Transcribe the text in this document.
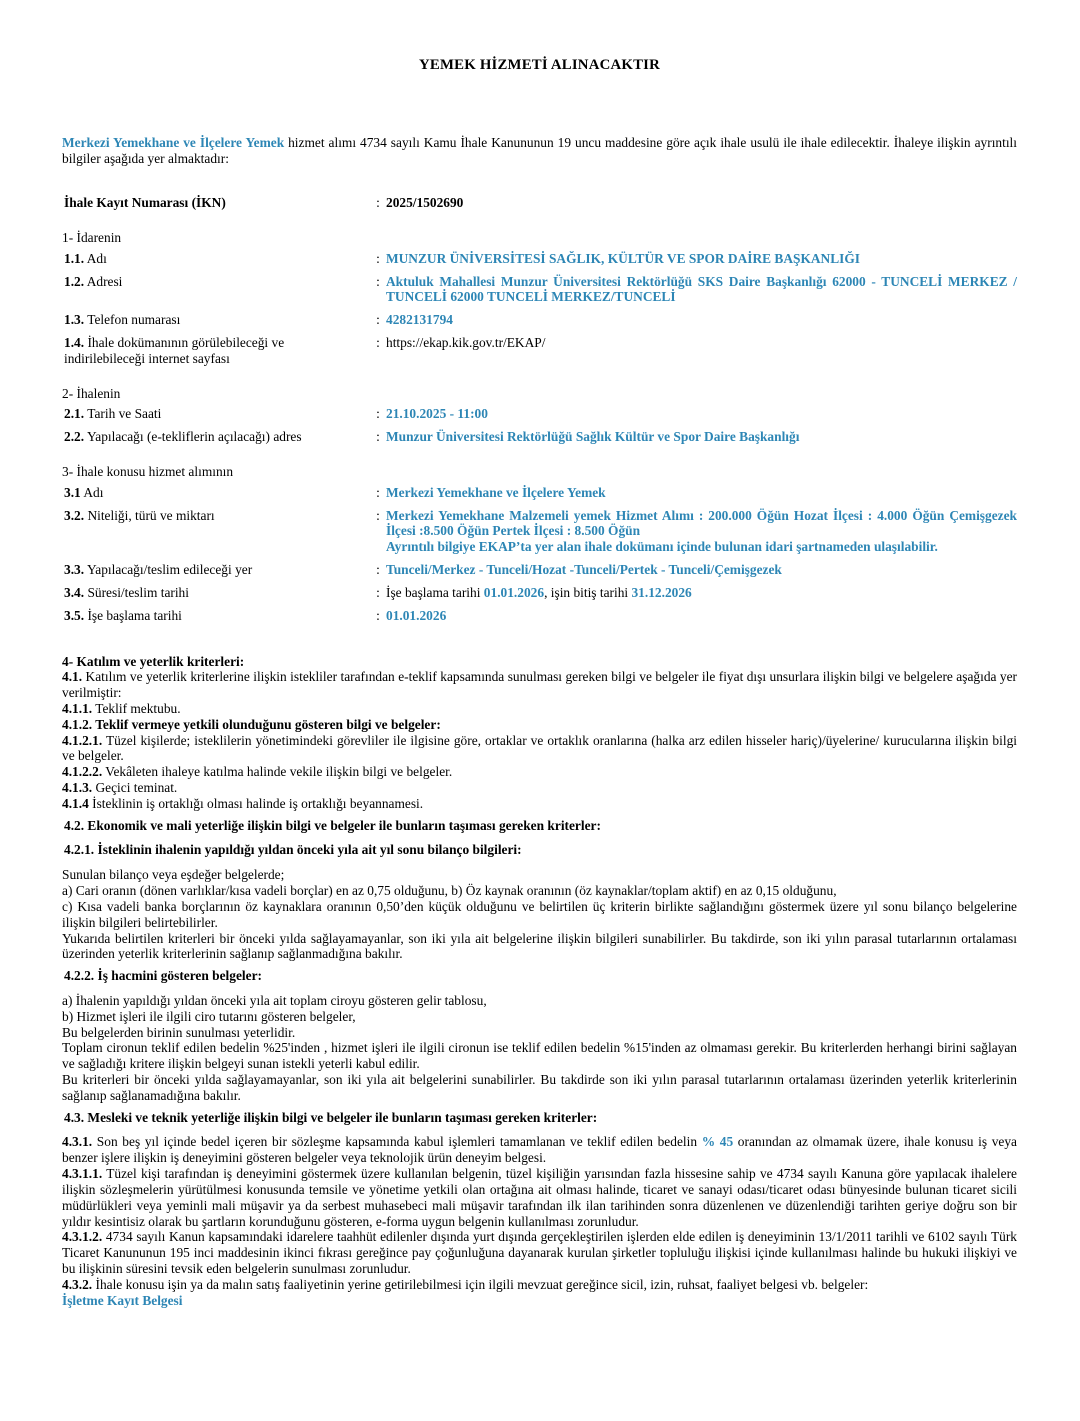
YEMEK HİZMETİ ALINACAKTIR

Merkezi Yemekhane ve İlçelere Yemek hizmet alımı 4734 sayılı Kamu İhale Kanununun 19 uncu maddesine göre açık ihale usulü ile ihale edilecektir. İhaleye ilişkin ayrıntılı bilgiler aşağıda yer almaktadır:

İhale Kayıt Numarası (İKN)	: 2025/1502690
1- İdarenin
1.1. Adı	: MUNZUR ÜNİVERSİTESİ SAĞLIK, KÜLTÜR VE SPOR DAİRE BAŞKANLIĞI
1.2. Adresi	: Aktuluk Mahallesi Munzur Üniversitesi Rektörlüğü SKS Daire Başkanlığı 62000 - TUNCELİ MERKEZ / TUNCELİ 62000 TUNCELİ MERKEZ/TUNCELİ
1.3. Telefon numarası	: 4282131794
1.4. İhale dokümanının görülebileceği ve indirilebileceği internet sayfası
: https://ekap.kik.gov.tr/EKAP/
2- İhalenin
2.1. Tarih ve Saati	: 21.10.2025 - 11:00
2.2. Yapılacağı (e-tekliflerin açılacağı) adres	: Munzur Üniversitesi Rektörlüğü Sağlık Kültür ve Spor Daire Başkanlığı
3- İhale konusu hizmet alımının
3.1 Adı	: Merkezi Yemekhane ve İlçelere Yemek
3.2. Niteliği, türü ve miktarı	: Merkezi Yemekhane Malzemeli yemek Hizmet Alımı : 200.000 Öğün Hozat İlçesi : 4.000 Öğün Çemişgezek İlçesi :8.500 Öğün Pertek İlçesi : 8.500 Öğün
Ayrıntılı bilgiye EKAP’ta yer alan ihale dokümanı içinde bulunan idari şartnameden ulaşılabilir.
3.3. Yapılacağı/teslim edileceği yer	: Tunceli/Merkez - Tunceli/Hozat -Tunceli/Pertek - Tunceli/Çemişgezek
3.4. Süresi/teslim tarihi	: İşe başlama tarihi 01.01.2026, işin bitiş tarihi 31.12.2026
3.5. İşe başlama tarihi	: 01.01.2026

4- Katılım ve yeterlik kriterleri:

4.1. Katılım ve yeterlik kriterlerine ilişkin istekliler tarafından e-teklif kapsamında sunulması gereken bilgi ve belgeler ile fiyat dışı unsurlara ilişkin bilgi ve belgelere aşağıda yer verilmiştir:

4.1.1. Teklif mektubu.

4.1.2. Teklif vermeye yetkili olunduğunu gösteren bilgi ve belgeler:

4.1.2.1. Tüzel kişilerde; isteklilerin yönetimindeki görevliler ile ilgisine göre, ortaklar ve ortaklık oranlarına (halka arz edilen hisseler hariç)/üyelerine/ kurucularına ilişkin bilgi ve belgeler.

4.1.2.2. Vekâleten ihaleye katılma halinde vekile ilişkin bilgi ve belgeler.

4.1.3. Geçici teminat.

4.1.4 İsteklinin iş ortaklığı olması halinde iş ortaklığı beyannamesi.

4.2. Ekonomik ve mali yeterliğe ilişkin bilgi ve belgeler ile bunların taşıması gereken kriterler:

4.2.1. İsteklinin ihalenin yapıldığı yıldan önceki yıla ait yıl sonu bilanço bilgileri:

Sunulan bilanço veya eşdeğer belgelerde;

a) Cari oranın (dönen varlıklar/kısa vadeli borçlar) en az 0,75 olduğunu, b) Öz kaynak oranının (öz kaynaklar/toplam aktif) en az 0,15 olduğunu,

c) Kısa vadeli banka borçlarının öz kaynaklara oranının 0,50’den küçük olduğunu ve belirtilen üç kriterin birlikte sağlandığını göstermek üzere yıl sonu bilanço belgelerine ilişkin bilgileri belirtebilirler.

Yukarıda belirtilen kriterleri bir önceki yılda sağlayamayanlar, son iki yıla ait belgelerine ilişkin bilgileri sunabilirler. Bu takdirde, son iki yılın parasal tutarlarının ortalaması üzerinden yeterlik kriterlerinin sağlanıp sağlanmadığına bakılır.

4.2.2. İş hacmini gösteren belgeler:

a) İhalenin yapıldığı yıldan önceki yıla ait toplam ciroyu gösteren gelir tablosu,

b) Hizmet işleri ile ilgili ciro tutarını gösteren belgeler,

Bu belgelerden birinin sunulması yeterlidir.

Toplam cironun teklif edilen bedelin %25'inden , hizmet işleri ile ilgili cironun ise teklif edilen bedelin %15'inden az olmaması gerekir. Bu kriterlerden herhangi birini sağlayan ve sağladığı kritere ilişkin belgeyi sunan istekli yeterli kabul edilir.

Bu kriterleri bir önceki yılda sağlayamayanlar, son iki yıla ait belgelerini sunabilirler. Bu takdirde son iki yılın parasal tutarlarının ortalaması üzerinden yeterlik kriterlerinin sağlanıp sağlanamadığına bakılır.

4.3. Mesleki ve teknik yeterliğe ilişkin bilgi ve belgeler ile bunların taşıması gereken kriterler:

4.3.1. Son beş yıl içinde bedel içeren bir sözleşme kapsamında kabul işlemleri tamamlanan ve teklif edilen bedelin % 45 oranından az olmamak üzere, ihale konusu iş veya benzer işlere ilişkin iş deneyimini gösteren belgeler veya teknolojik ürün deneyim belgesi.

4.3.1.1. Tüzel kişi tarafından iş deneyimini göstermek üzere kullanılan belgenin, tüzel kişiliğin yarısından fazla hissesine sahip ve 4734 sayılı Kanuna göre yapılacak ihalelere ilişkin sözleşmelerin yürütülmesi konusunda temsile ve yönetime yetkili olan ortağına ait olması halinde, ticaret ve sanayi odası/ticaret odası bünyesinde bulunan ticaret sicili müdürlükleri veya yeminli mali müşavir ya da serbest muhasebeci mali müşavir tarafından ilk ilan tarihinden sonra düzenlenen ve düzenlendiği tarihten geriye doğru son bir yıldır kesintisiz olarak bu şartların korunduğunu gösteren, e-forma uygun belgenin kullanılması zorunludur.

4.3.1.2. 4734 sayılı Kanun kapsamındaki idarelere taahhüt edilenler dışında yurt dışında gerçekleştirilen işlerden elde edilen iş deneyiminin 13/1/2011 tarihli ve 6102 sayılı Türk Ticaret Kanununun 195 inci maddesinin ikinci fıkrası gereğince pay çoğunluğuna dayanarak kurulan şirketler topluluğu ilişkisi içinde kullanılması halinde bu hukuki ilişkiyi ve bu ilişkinin süresini tevsik eden belgelerin sunulması zorunludur.

4.3.2. İhale konusu işin ya da malın satış faaliyetinin yerine getirilebilmesi için ilgili mevzuat gereğince sicil, izin, ruhsat, faaliyet belgesi vb. belgeler:

İşletme Kayıt Belgesi
